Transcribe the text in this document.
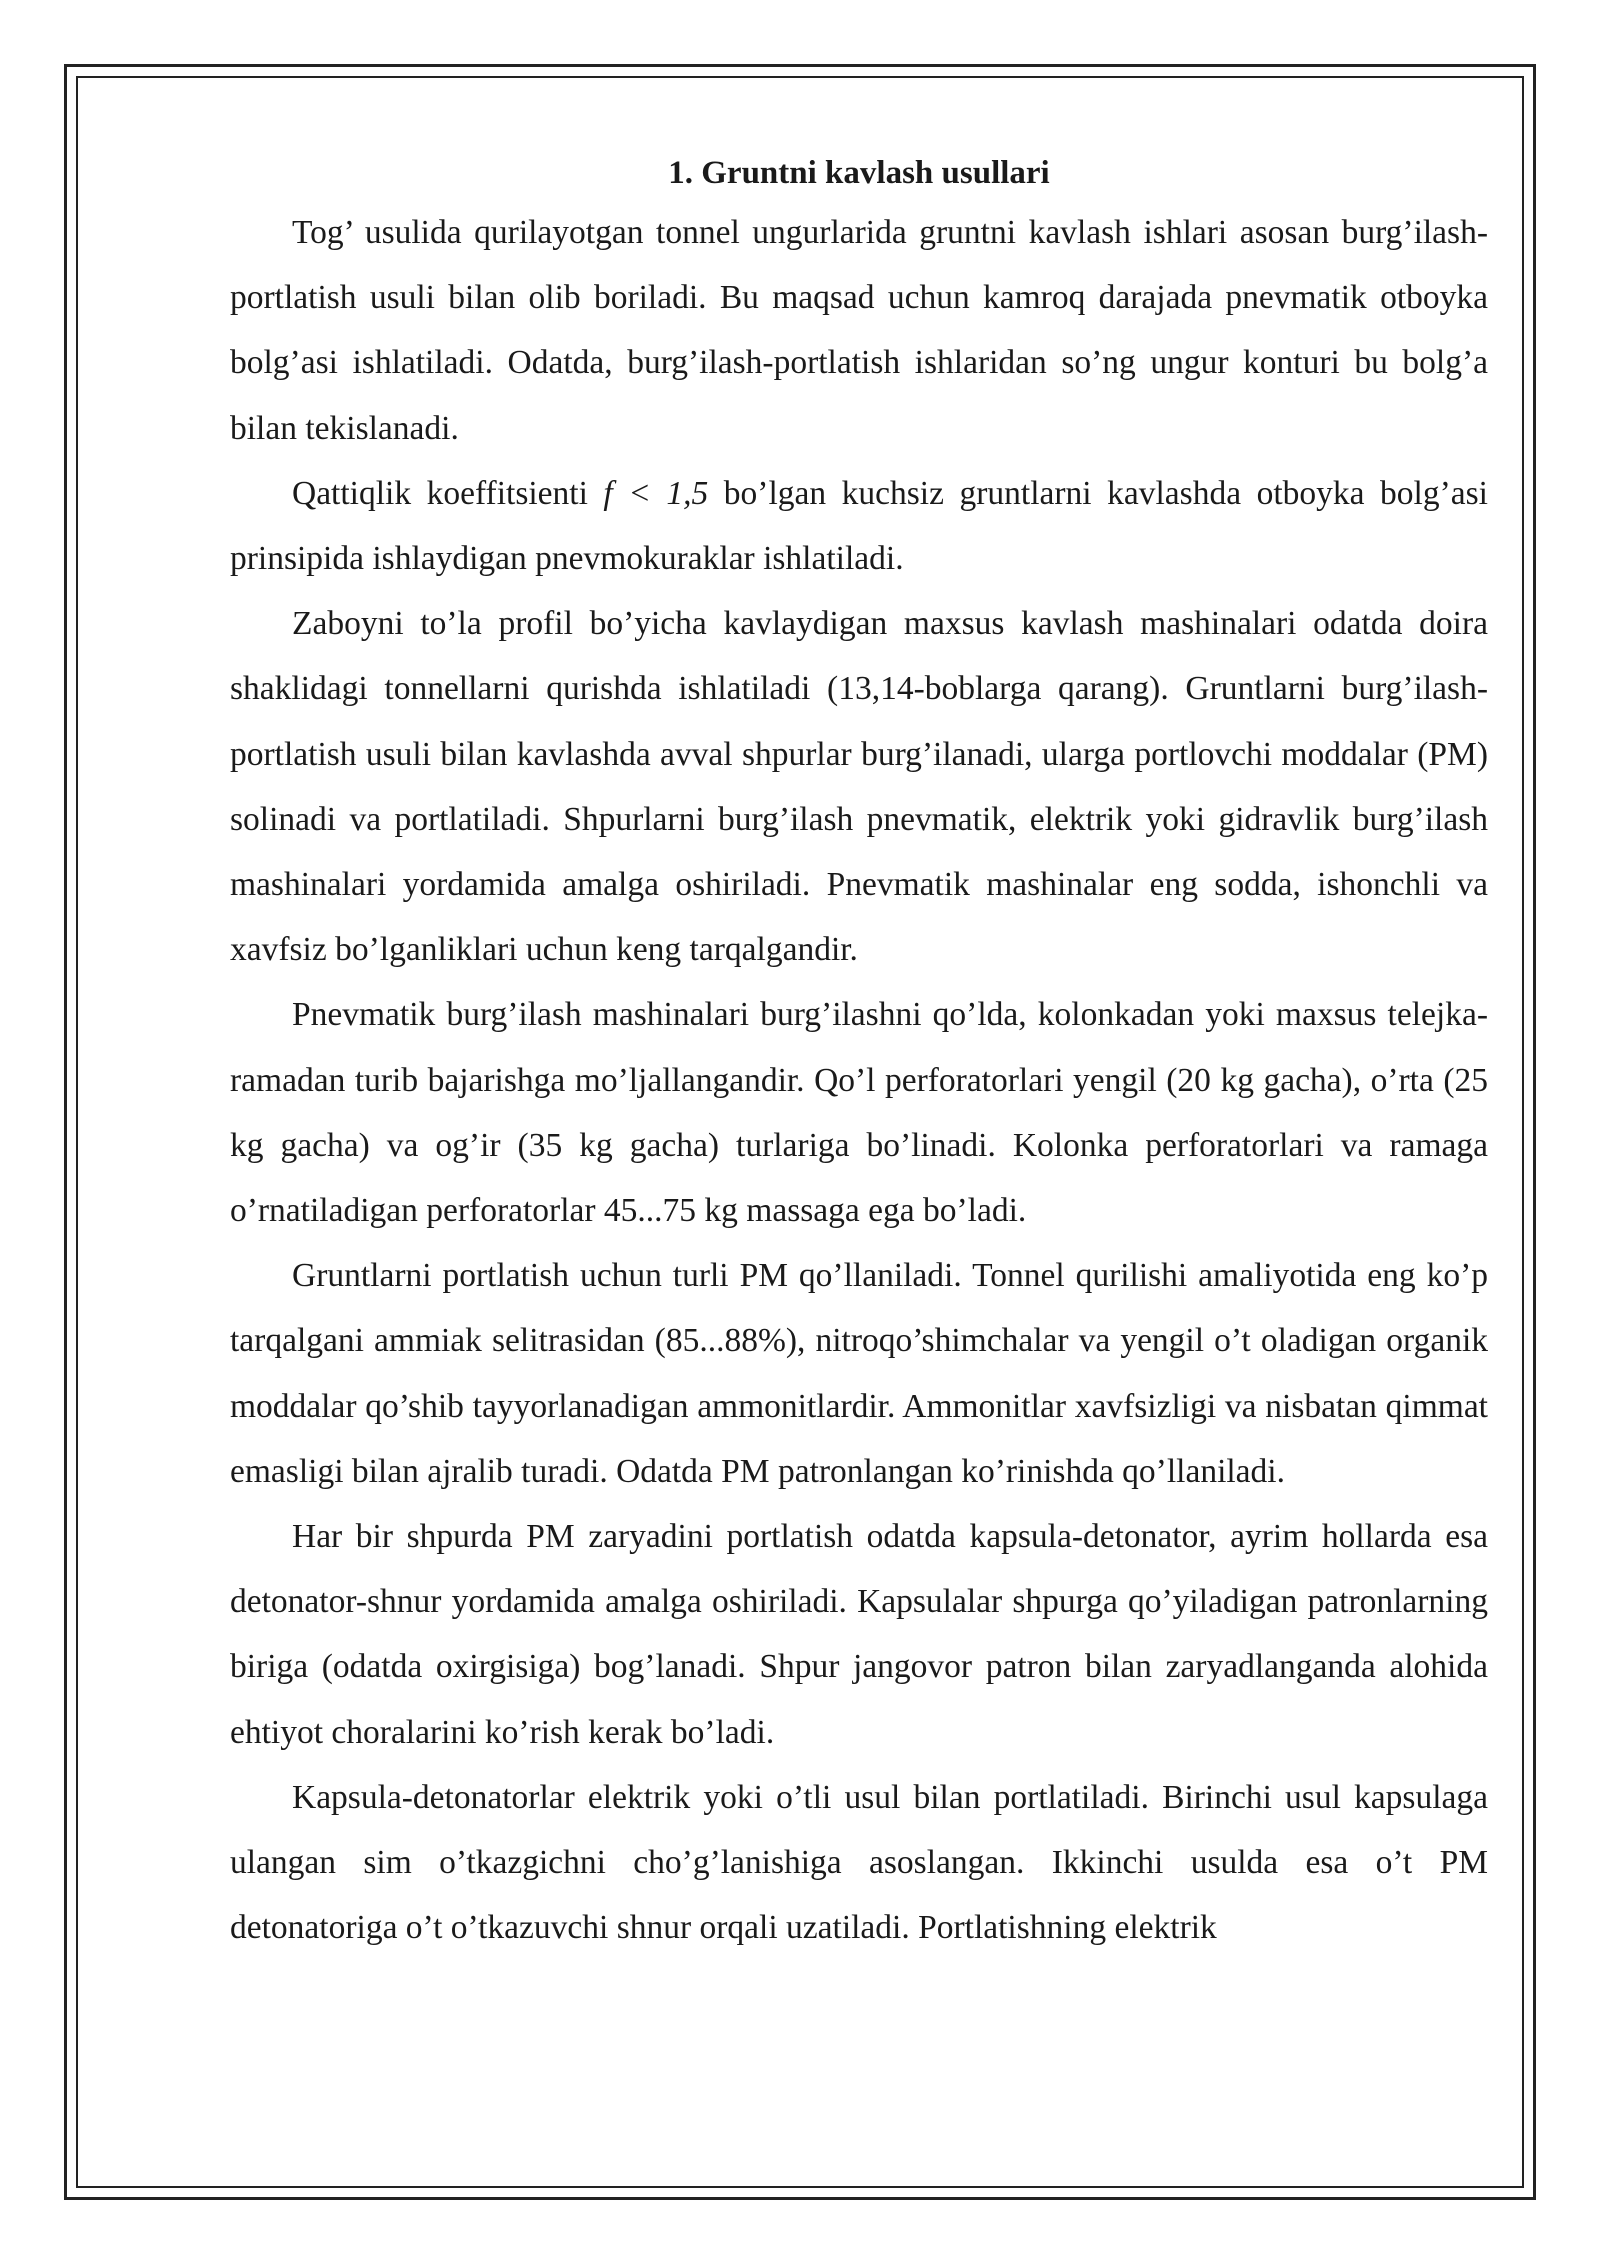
1. Gruntni kavlash usullari

Tog’ usulida qurilayotgan tonnel ungurlarida gruntni kavlash ishlari asosan burg’ilash-portlatish usuli bilan olib boriladi. Bu maqsad uchun kamroq darajada pnevmatik otboyka bolg’asi ishlatiladi. Odatda, burg’ilash-portlatish ishlaridan so’ng ungur konturi bu bolg’a bilan tekislanadi.

Qattiqlik koeffitsienti f < 1,5 bo’lgan kuchsiz gruntlarni kavlashda otboyka bolg’asi prinsipida ishlaydigan pnevmokuraklar ishlatiladi.

Zaboyni to’la profil bo’yicha kavlaydigan maxsus kavlash mashinalari odatda doira shaklidagi tonnellarni qurishda ishlatiladi (13,14-boblarga qarang). Gruntlarni burg’ilash-portlatish usuli bilan kavlashda avval shpurlar burg’ilanadi, ularga portlovchi moddalar (PM) solinadi va portlatiladi. Shpurlarni burg’ilash pnevmatik, elektrik yoki gidravlik burg’ilash mashinalari yordamida amalga oshiriladi. Pnevmatik mashinalar eng sodda, ishonchli va xavfsiz bo’lganliklari uchun keng tarqalgandir.

Pnevmatik burg’ilash mashinalari burg’ilashni qo’lda, kolonkadan yoki maxsus telejka-ramadan turib bajarishga mo’ljallangandir. Qo’l perforatorlari yengil (20 kg gacha), o’rta (25 kg gacha) va og’ir (35 kg gacha) turlariga bo’linadi. Kolonka perforatorlari va ramaga o’rnatiladigan perforatorlar 45...75 kg massaga ega bo’ladi.

Gruntlarni portlatish uchun turli PM qo’llaniladi. Tonnel qurilishi amaliyotida eng ko’p tarqalgani ammiak selitrasidan (85...88%), nitroqo’shimchalar va yengil o’t oladigan organik moddalar qo’shib tayyorlanadigan ammonitlardir. Ammonitlar xavfsizligi va nisbatan qimmat emasligi bilan ajralib turadi. Odatda PM patronlangan ko’rinishda qo’llaniladi.

Har bir shpurda PM zaryadini portlatish odatda kapsula-detonator, ayrim hollarda esa detonator-shnur yordamida amalga oshiriladi. Kapsulalar shpurga qo’yiladigan patronlarning biriga (odatda oxirgisiga) bog’lanadi. Shpur jangovor patron bilan zaryadlanganda alohida ehtiyot choralarini ko’rish kerak bo’ladi.

Kapsula-detonatorlar elektrik yoki o’tli usul bilan portlatiladi. Birinchi usul kapsulaga ulangan sim o’tkazgichni cho’g’lanishiga asoslangan. Ikkinchi usulda esa o’t PM detonatoriga o’t o’tkazuvchi shnur orqali uzatiladi. Portlatishning elektrik
